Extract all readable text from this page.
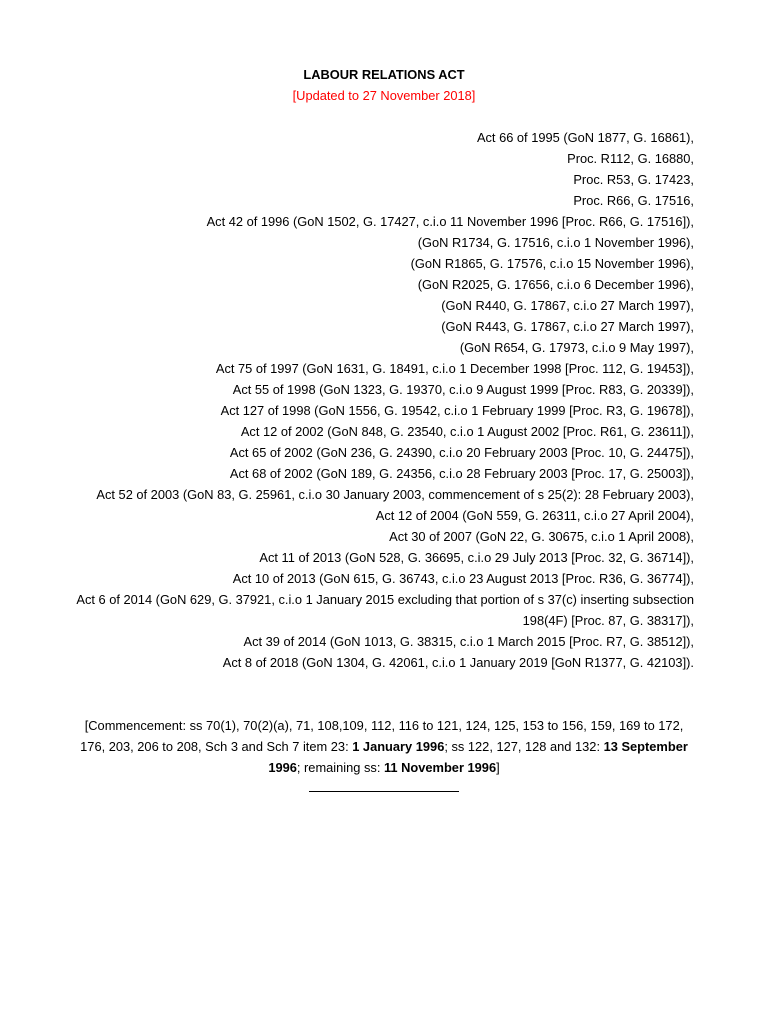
LABOUR RELATIONS ACT
[Updated to 27 November 2018]
Act 66 of 1995 (GoN 1877, G. 16861),
Proc. R112, G. 16880,
Proc. R53, G. 17423,
Proc. R66, G. 17516,
Act 42 of 1996 (GoN 1502, G. 17427, c.i.o 11 November 1996 [Proc. R66, G. 17516]),
(GoN R1734, G. 17516, c.i.o 1 November 1996),
(GoN R1865, G. 17576, c.i.o 15 November 1996),
(GoN R2025, G. 17656, c.i.o 6 December 1996),
(GoN R440, G. 17867, c.i.o 27 March 1997),
(GoN R443, G. 17867, c.i.o 27 March 1997),
(GoN R654, G. 17973, c.i.o 9 May 1997),
Act 75 of 1997 (GoN 1631, G. 18491, c.i.o 1 December 1998 [Proc. 112, G. 19453]),
Act 55 of 1998 (GoN 1323, G. 19370, c.i.o 9 August 1999 [Proc. R83, G. 20339]),
Act 127 of 1998 (GoN 1556, G. 19542, c.i.o 1 February 1999 [Proc. R3, G. 19678]),
Act 12 of 2002 (GoN 848, G. 23540, c.i.o 1 August 2002 [Proc. R61, G. 23611]),
Act 65 of 2002 (GoN 236, G. 24390, c.i.o 20 February 2003 [Proc. 10, G. 24475]),
Act 68 of 2002 (GoN 189, G. 24356, c.i.o 28 February 2003 [Proc. 17, G. 25003]),
Act 52 of 2003 (GoN 83, G. 25961, c.i.o 30 January 2003, commencement of s 25(2): 28 February 2003),
Act 12 of 2004 (GoN 559, G. 26311, c.i.o 27 April 2004),
Act 30 of 2007 (GoN 22, G. 30675, c.i.o 1 April 2008),
Act 11 of 2013 (GoN 528, G. 36695, c.i.o 29 July 2013 [Proc. 32, G. 36714]),
Act 10 of 2013 (GoN 615, G. 36743, c.i.o 23 August 2013 [Proc. R36, G. 36774]),
Act 6 of 2014 (GoN 629, G. 37921, c.i.o 1 January 2015 excluding that portion of s 37(c) inserting subsection
198(4F) [Proc. 87, G. 38317]),
Act 39 of 2014 (GoN 1013, G. 38315, c.i.o 1 March 2015 [Proc. R7, G. 38512]),
Act 8 of 2018 (GoN 1304, G. 42061, c.i.o 1 January 2019 [GoN R1377, G. 42103]).
[Commencement: ss 70(1), 70(2)(a), 71, 108,109, 112, 116 to 121, 124, 125, 153 to 156, 159, 169 to 172,
176, 203, 206 to 208, Sch 3 and Sch 7 item 23: 1 January 1996; ss 122, 127, 128 and 132: 13 September
1996; remaining ss: 11 November 1996]
